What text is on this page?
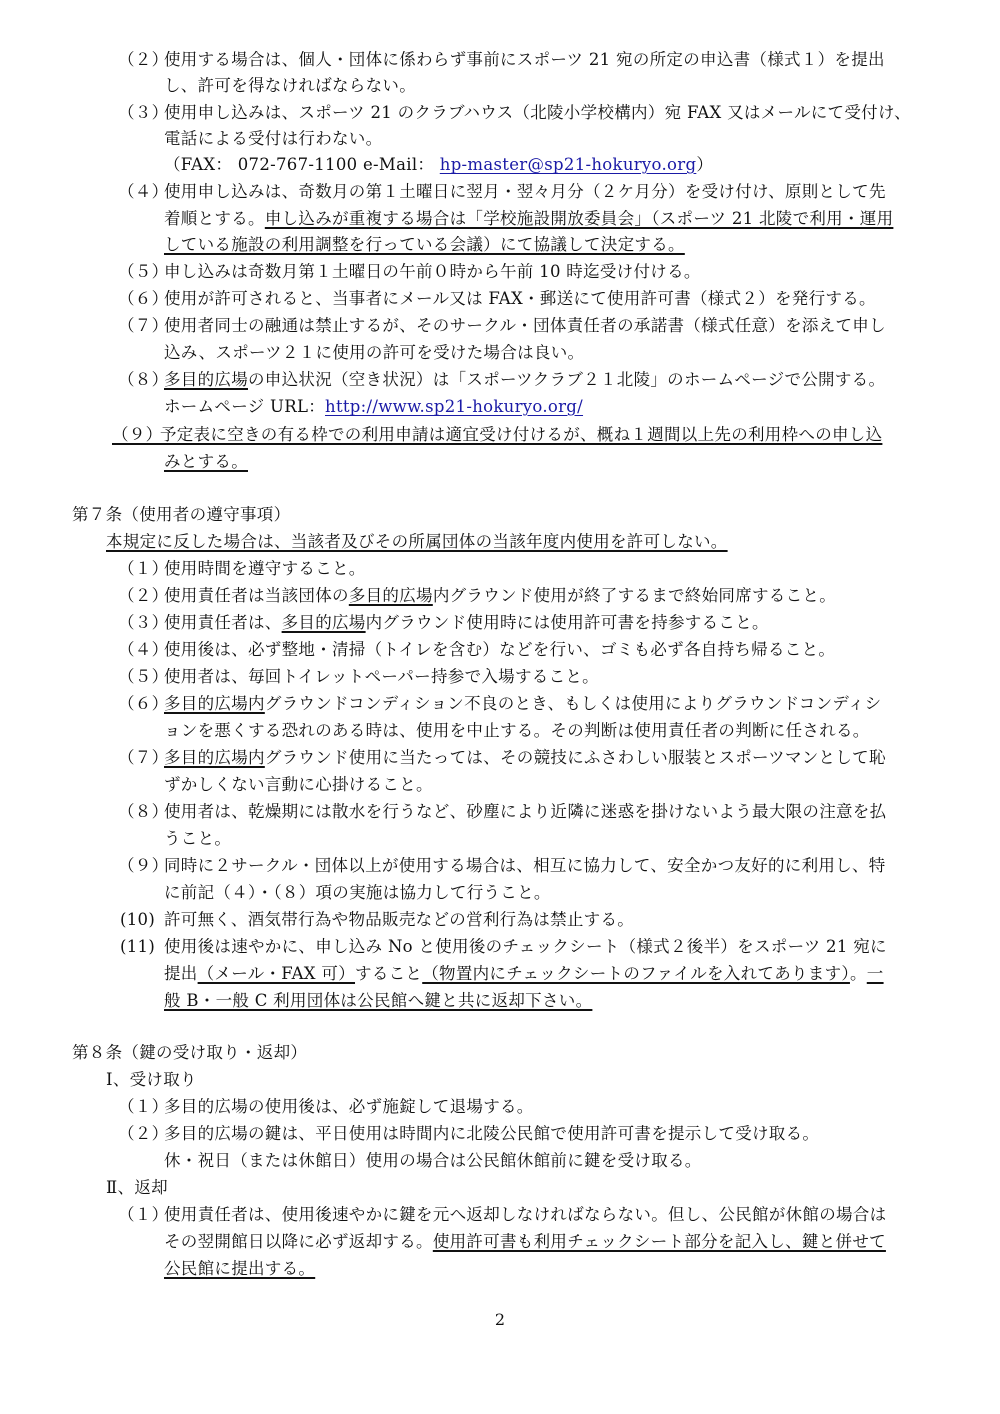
（２）
使用する場合は、個人・団体に係わらず事前にスポーツ 21 宛の所定の申込書（様式１）を提出
し、許可を得なければならない。
（３）
使用申し込みは、スポーツ 21 のクラブハウス（北陵小学校構内）宛 FAX 又はメールにて受付け、
電話による受付は行わない。
（FAX： 072-767-1100 e-Mail： hp-master@sp21-hokuryo.org）
（４）
使用申し込みは、奇数月の第１土曜日に翌月・翌々月分（２ケ月分）を受け付け、原則として先
着順とする。申し込みが重複する場合は「学校施設開放委員会」（スポーツ 21 北陵で利用・運用
している施設の利用調整を行っている会議）にて協議して決定する。
（５）
申し込みは奇数月第１土曜日の午前０時から午前 10 時迄受け付ける。
（６）
使用が許可されると、当事者にメール又は FAX・郵送にて使用許可書（様式２）を発行する。
（７）
使用者同士の融通は禁止するが、そのサークル・団体責任者の承諾書（様式任意）を添えて申し
込み、スポーツ２１に使用の許可を受けた場合は良い。
（８）
多目的広場の申込状況（空き状況）は「スポーツクラブ２１北陵」のホームページで公開する。
ホームページ URL：http://www.sp21-hokuryo.org/
（９）
予定表に空きの有る枠での利用申請は適宜受け付けるが、概ね１週間以上先の利用枠への申し込
みとする。
第７条（使用者の遵守事項）
本規定に反した場合は、当該者及びその所属団体の当該年度内使用を許可しない。
（１）
使用時間を遵守すること。
（２）
使用責任者は当該団体の多目的広場内グラウンド使用が終了するまで終始同席すること。
（３）
使用責任者は、多目的広場内グラウンド使用時には使用許可書を持参すること。
（４）
使用後は、必ず整地・清掃（トイレを含む）などを行い、ゴミも必ず各自持ち帰ること。
（５）
使用者は、毎回トイレットペーパー持参で入場すること。
（６）
多目的広場内グラウンドコンディション不良のとき、もしくは使用によりグラウンドコンディシ
ョンを悪くする恐れのある時は、使用を中止する。その判断は使用責任者の判断に任される。
（７）
多目的広場内グラウンド使用に当たっては、その競技にふさわしい服装とスポーツマンとして恥
ずかしくない言動に心掛けること。
（８）
使用者は、乾燥期には散水を行うなど、砂塵により近隣に迷惑を掛けないよう最大限の注意を払
うこと。
（９）
同時に２サークル・団体以上が使用する場合は、相互に協力して、安全かつ友好的に利用し、特
に前記（４）・（８）項の実施は協力して行うこと。
(10) 許可無く、酒気帯行為や物品販売などの営利行為は禁止する。
(11) 使用後は速やかに、申し込み No と使用後のチェックシート（様式２後半）をスポーツ 21 宛に
提出（メール・FAX 可）すること（物置内にチェックシートのファイルを入れてあります）。一
般 B・一般 C 利用団体は公民館へ鍵と共に返却下さい。
第８条（鍵の受け取り・返却）
Ⅰ、受け取り
（１）
多目的広場の使用後は、必ず施錠して退場する。
（２）
多目的広場の鍵は、平日使用は時間内に北陵公民館で使用許可書を提示して受け取る。
休・祝日（または休館日）使用の場合は公民館休館前に鍵を受け取る。
Ⅱ、返却
（１）
使用責任者は、使用後速やかに鍵を元へ返却しなければならない。但し、公民館が休館の場合は
その翌開館日以降に必ず返却する。使用許可書も利用チェックシート部分を記入し、鍵と併せて
公民館に提出する。
2
